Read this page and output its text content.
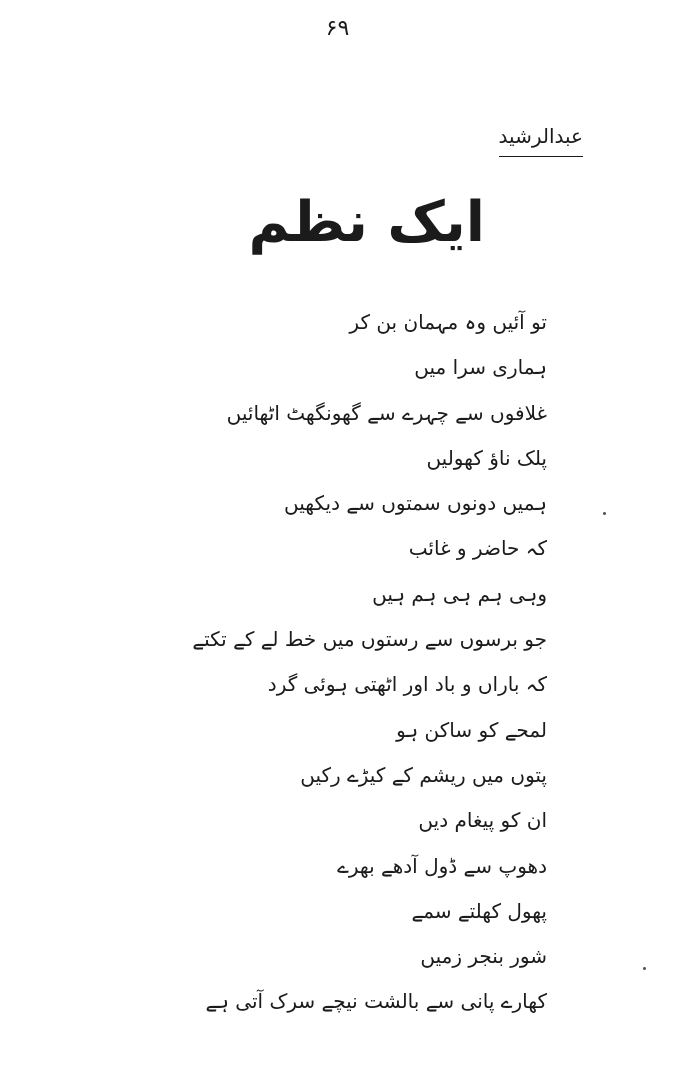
۶۹
عبدالرشید
ایک نظم
تو آئیں وہ مہمان بن کر
ہماری سرا میں
غلافوں سے چہرے سے گھونگھٹ اٹھائیں
پلک ناؤ کھولیں
ہمیں دونوں سمتوں سے دیکھیں
کہ حاضر و غائب
وہی ہم ہی ہم ہیں
جو برسوں سے رستوں میں خط لے کے تکتے
کہ باراں و باد اور اٹھتی ہوئی گرد
لمحے کو ساکن ہو
پتوں میں ریشم کے کیڑے رکیں
ان کو پیغام دیں
دھوپ سے ڈول آدھے بھرے
پھول کھلتے سمے
شور بنجر زمیں
کھارے پانی سے بالشت نیچے سرک آتی ہے
